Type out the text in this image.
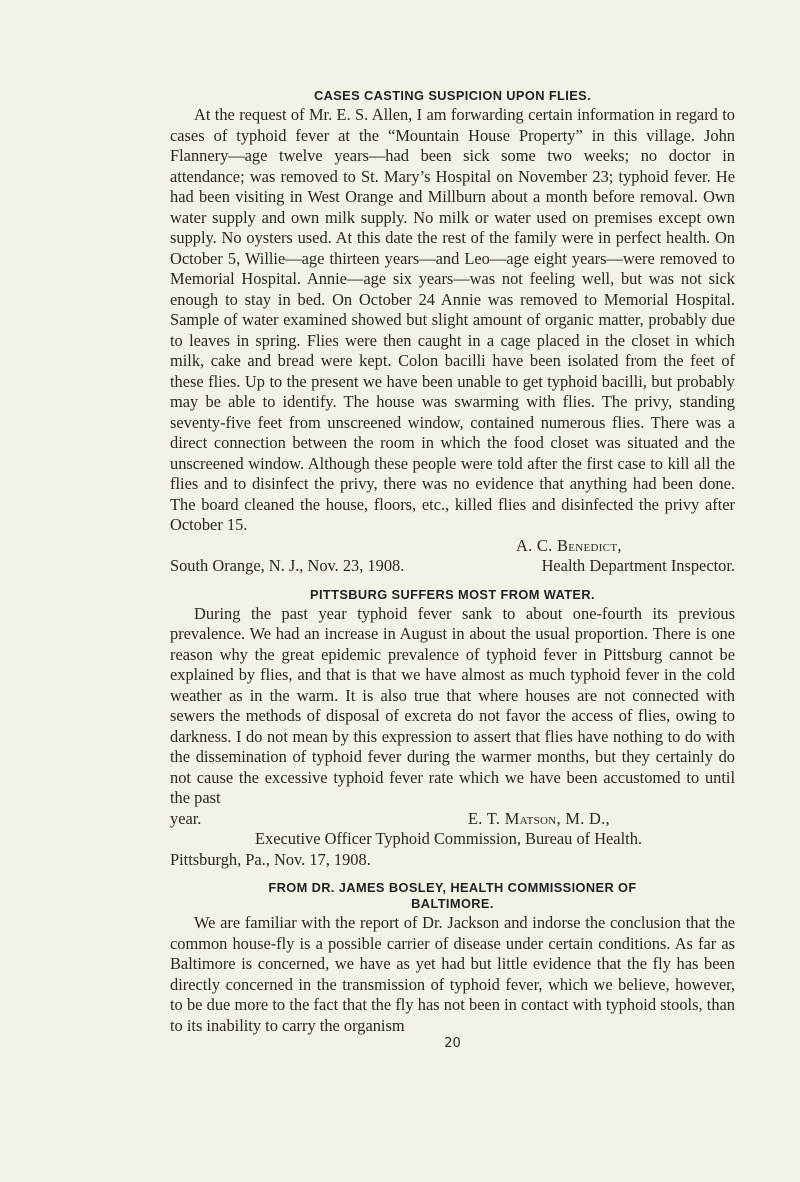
CASES CASTING SUSPICION UPON FLIES.

At the request of Mr. E. S. Allen, I am forwarding certain information in regard to cases of typhoid fever at the “Mountain House Property” in this village. John Flannery—age twelve years—had been sick some two weeks; no doctor in attendance; was removed to St. Mary’s Hospital on November 23; typhoid fever. He had been visiting in West Orange and Millburn about a month before removal. Own water supply and own milk supply. No milk or water used on premises except own supply. No oysters used. At this date the rest of the family were in perfect health. On October 5, Willie—age thirteen years—and Leo—age eight years—were removed to Memorial Hospital. Annie—age six years—was not feeling well, but was not sick enough to stay in bed. On October 24 Annie was removed to Memorial Hospital. Sample of water examined showed but slight amount of organic matter, probably due to leaves in spring. Flies were then caught in a cage placed in the closet in which milk, cake and bread were kept. Colon bacilli have been isolated from the feet of these flies. Up to the present we have been unable to get typhoid bacilli, but probably may be able to identify. The house was swarming with flies. The privy, standing seventy-five feet from unscreened window, contained numerous flies. There was a direct connection between the room in which the food closet was situated and the unscreened window. Although these people were told after the first case to kill all the flies and to disinfect the privy, there was no evidence that anything had been done. The board cleaned the house, floors, etc., killed flies and disinfected the privy after October 15.

A. C. Benedict,
South Orange, N. J., Nov. 23, 1908.	Health Department Inspector.
PITTSBURG SUFFERS MOST FROM WATER.

During the past year typhoid fever sank to about one-fourth its previous prevalence. We had an increase in August in about the usual proportion. There is one reason why the great epidemic prevalence of typhoid fever in Pittsburg cannot be explained by flies, and that is that we have almost as much typhoid fever in the cold weather as in the warm. It is also true that where houses are not connected with sewers the methods of disposal of excreta do not favor the access of flies, owing to darkness. I do not mean by this expression to assert that flies have nothing to do with the dissemination of typhoid fever during the warmer months, but they certainly do not cause the excessive typhoid fever rate which we have been accustomed to until the past

year.	E. T. Matson, M. D.,
Executive Officer Typhoid Commission, Bureau of Health.
Pittsburgh, Pa., Nov. 17, 1908.
FROM DR. JAMES BOSLEY, HEALTH COMMISSIONER OF
BALTIMORE.

We are familiar with the report of Dr. Jackson and indorse the conclusion that the common house-fly is a possible carrier of disease under certain conditions. As far as Baltimore is concerned, we have as yet had but little evidence that the fly has been directly concerned in the transmission of typhoid fever, which we believe, however, to be due more to the fact that the fly has not been in contact with typhoid stools, than to its inability to carry the organism

20
